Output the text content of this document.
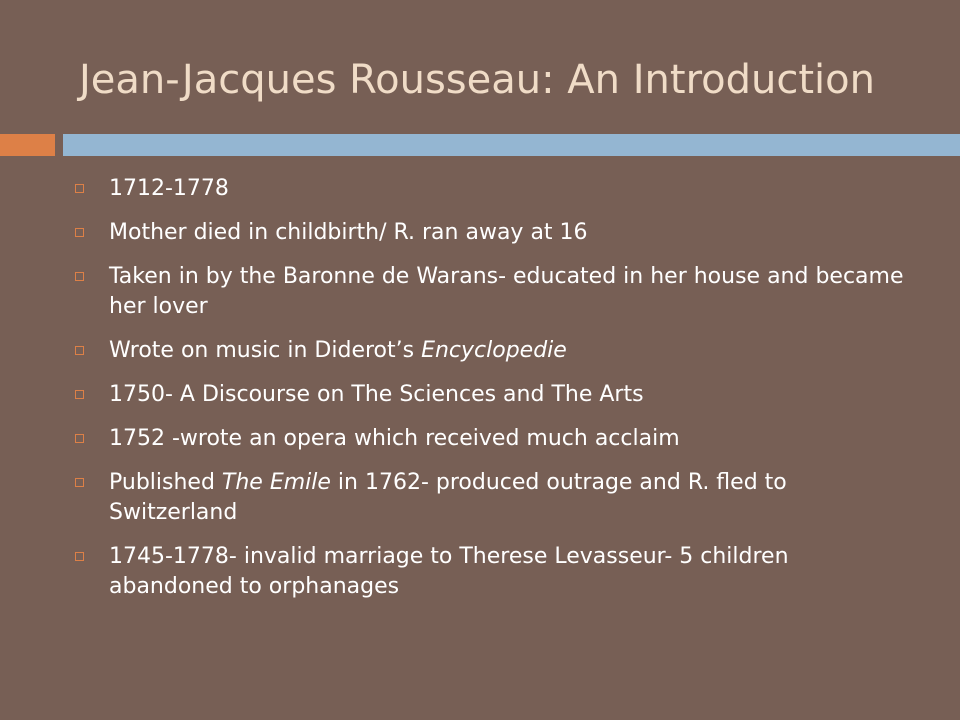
Jean-Jacques Rousseau: An Introduction
1712-1778
Mother died in childbirth/ R. ran away at 16
Taken in by the Baronne de Warans- educated in her house and became her lover
Wrote on music in Diderot’s Encyclopedie
1750- A Discourse on The Sciences and The Arts
1752 -wrote an opera which received much acclaim
Published The Emile in 1762- produced outrage and R. fled to Switzerland
1745-1778- invalid marriage to Therese Levasseur- 5 children abandoned to orphanages
